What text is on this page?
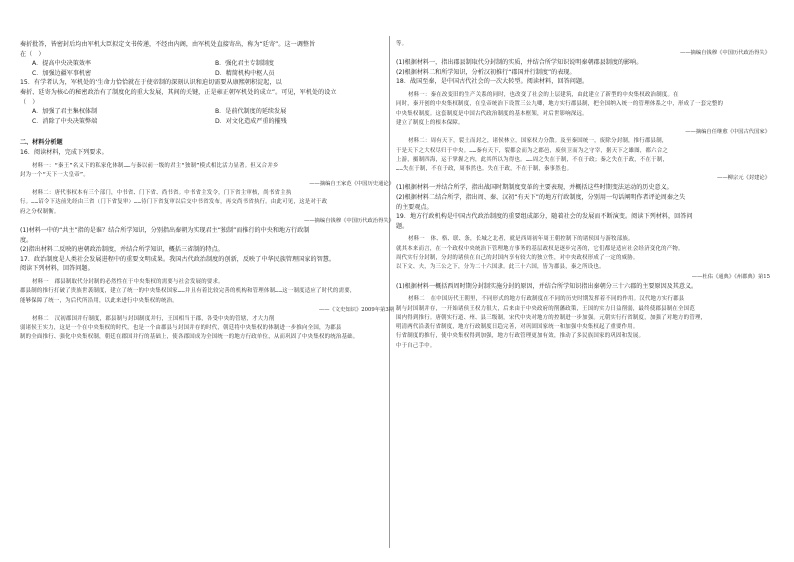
奏折批答，皆密封后均由军机大臣拟定文书传递，不经由内阁，由军机处直接寄出，称为“廷寄”。这一调整旨

在（　）

A．提高中央决策效率	B．强化君主专制制度
C．加强边疆军事机密	D．精简机构中枢人员

15．有学者认为，军机处的‘生命力恰恰就在于使帝制的深刻认识和迫切需要从康熙朝积淀起，以

奏折、廷寄为核心的秘密政治有了制度化的重大发展，其间的关键，正是雍正朝军机处的成立”。可见，军机处的设立

（　）

A．加强了君主集权体制	B．是前代制度的延续发展
C．消除了中央决策弊端	D．对文化造成严重的摧残

二、材料分析题

16．阅读材料，完成下列要求。

材料一：“秦王”名义下的私家化体制……与秦以前一级的君主“独制”模式相比活力显著。但又合并乡

封为一个“天下一大皇帝”。

——摘编自王家范《中国历史通论》

材料二：唐代事权本有三个部门，中书省、门下省、尚书省。中书省主发令，门下省主审核，尚书省主执

行。……诏令下达前先经由三省（门下省复审）……待门下省复审以后交中书省发布，再交尚书省执行。由此可见，这是对于政

府之分权制衡。

——摘编自钱穆《中国历代政治得失》

(1)材料一中的“共主”指的是谁？结合所学知识，分别指出秦朝为实现君主“独制”而推行的中央和地方行政制

度。

(2)指出材料二反映的唐朝政治制度，并结合所学知识，概括三省制的特点。

17．政治制度是人类社会发展进程中的重要文明成果。我国古代政治制度的创新，反映了中华民族管理国家的智慧。

阅读下列材料，回答问题。

材料一　郡县制取代分封制的必然性在于中央集权的需要与社会发展的要求。

郡县制的推行打破了贵族世袭制度，建立了统一的中央集权国家……并且有着比较完善的机构和管理体制……这一制度适应了时代的需要，

能够保障了统一，为后代所沿用，以此来进行中央集权的统治。

——《文史知识》2009年第3期

材料二　汉初郡国并行制度，郡县制与封国制度并行，王国相当于郡，各受中央的管辖，才大力削

弱诸侯王实力，这是一个在中央集权的时代，也是一个由郡县与封国并存的时代，朝廷将中央集权的体制进一步推向全国，为郡县

制的全面推行、强化中央集权制，朝廷在郡国并行的基础上，使各郡国成为全国统一的地方行政单位，从而巩固了中央集权的统治基础。

等。

——摘编自钱穆《中国历代政治得失》

(1)根据材料一，指出郡县制取代分封制的实质，并结合所学知识说明秦朝郡县制度的影响。

(2)根据材料二和所学知识，分析汉初推行“郡国并行制度”的表现。

18．战国至秦，是中国古代社会的一次大转型。阅读材料，回答问题。

材料一：秦在改变旧的生产关系的同时，也改变了社会的上层建筑，由此建立了新型的中央集权政治制度。在

同时，秦开创的中央集权制度，在皇帝统治下设置三公九卿，地方实行郡县制，把全国纳入统一的管理体系之中，形成了一套完整的

中央集权制度。这套制度是中国古代政治制度的基本框架，对后世影响深远。

建立了制度上的根本保障。

——摘编自任继愈《中国古代国家》

材料二：周有天下，裂土而封之，诸侯林立，国家权力分散。及至秦国统一，废除分封制，推行郡县制，

于是天下之大权尽归于中央。……秦有天下，裂都会而为之郡邑，废侯卫而为之守宰，据天下之雄图，都六合之

上游，摄制四海，运于掌握之内，此其所以为得也。……周之失在于制，不在于政；秦之失在于政，不在于制，

……失在于制，不在于政，周事然也。失在于政，不在于制，秦事然也。

——柳宗元《封建论》

(1)根据材料一并结合所学，指出战国时期制度变革的主要表现，并概括这些时期变法运动的历史意义。

(2)根据材料二结合所学，指出周、秦、汉初“有天下”的地方行政制度，分别用一句话阐明作者评论周秦之失

的主要观点。

19．地方行政机构是中国古代政治制度的重要组成部分，随着社会的发展而不断演变。阅读下列材料，回答问

题。

材料一　体、格、联、条，长城之北者，就是西周初年周王朝控制下的诸侯国与游牧部族。

就其本来而言，在一个政权中央统治下管理地方事务的基层政权是逐步完善的，它们都是适应社会经济变化的产物。

周代实行分封制，分封的诸侯在自己的封国内享有较大的独立性，对中央政权形成了一定的威胁。

以下文、夫，为三公之下，分为二十六国隶。此三十六国，皆为郡县，秦之所设也。

——杜佑《通典》《州郡典》第15

(1)根据材料一概括西周时期分封制实施分封的原因，并结合所学知识指出秦朝分三十六郡的主要原因及其意义。

材料二　在中国历代王朝里，不同形式的地方行政制度在不同的历史时期发挥着不同的作用。汉代地方实行郡县

制与封国制并存，一开始诸侯王权力很大，后来由于中央政府的削藩政策，王国的实力日益削弱，最终使郡县制在全国范

围内得到推行。唐朝实行道、州、县三级制，宋代中央对地方的控制进一步加强。元朝实行行省制度，加强了对地方的管理，

明清两代沿袭行省制度，地方行政制度日趋完善，对巩固国家统一和加强中央集权起了重要作用。

行省制度的推行，使中央集权得到加强，地方行政管理更加有效，推动了多民族国家的巩固和发展。

中于自己手中。
